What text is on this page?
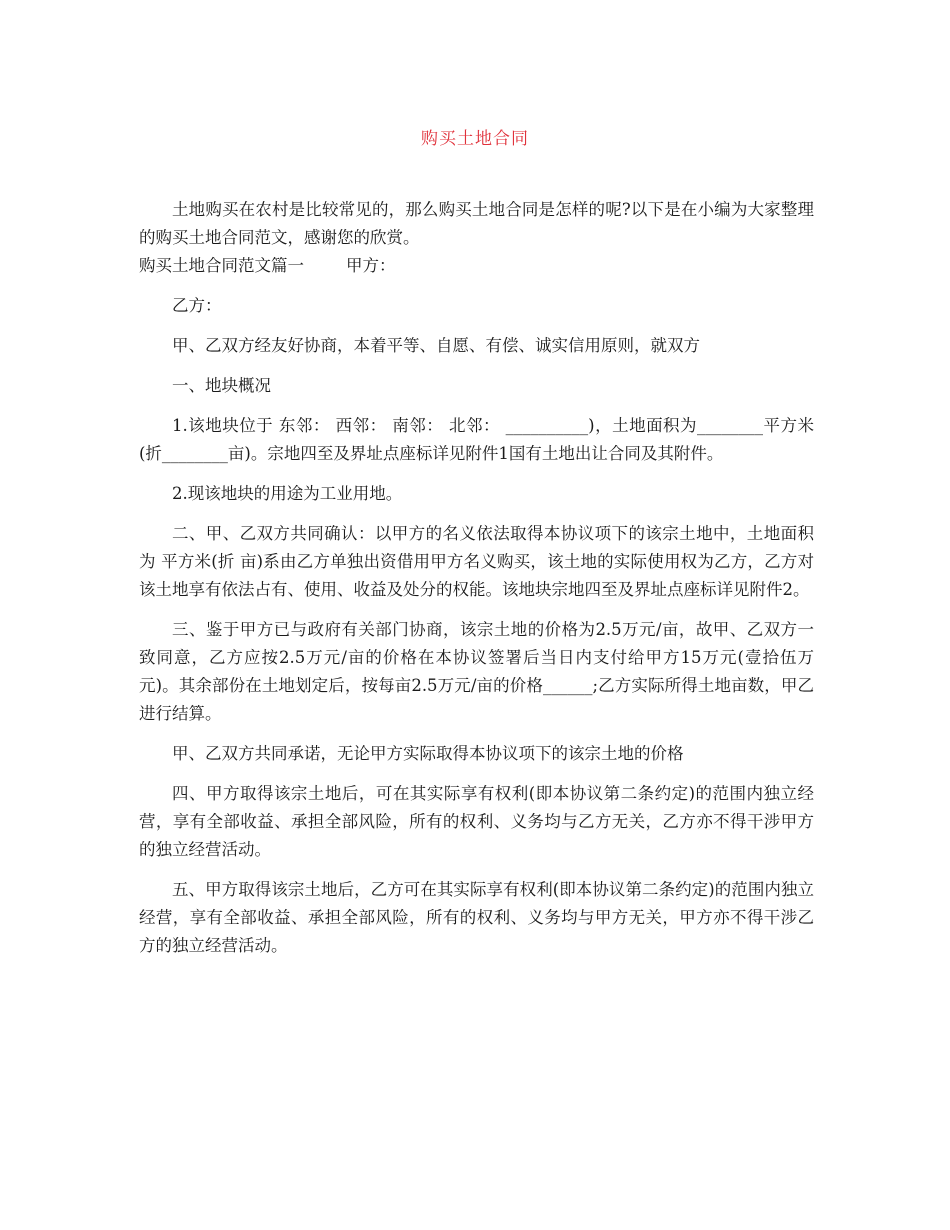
购买土地合同

土地购买在农村是比较常见的，那么购买土地合同是怎样的呢?以下是在小编为大家整理的购买土地合同范文，感谢您的欣赏。

购买土地合同范文篇一        甲方：

乙方：

甲、乙双方经友好协商，本着平等、自愿、有偿、诚实信用原则，就双方

一、地块概况

1.该地块位于 东邻： 西邻： 南邻： 北邻： __________)，土地面积为________平方米(折________亩)。宗地四至及界址点座标详见附件1国有土地出让合同及其附件。

2.现该地块的用途为工业用地。

二、甲、乙双方共同确认：以甲方的名义依法取得本协议项下的该宗土地中，土地面积为 平方米(折 亩)系由乙方单独出资借用甲方名义购买，该土地的实际使用权为乙方，乙方对该土地享有依法占有、使用、收益及处分的权能。该地块宗地四至及界址点座标详见附件2。

三、鉴于甲方已与政府有关部门协商，该宗土地的价格为2.5万元/亩，故甲、乙双方一致同意，乙方应按2.5万元/亩的价格在本协议签署后当日内支付给甲方15万元(壹拾伍万元)。其余部份在土地划定后，按每亩2.5万元/亩的价格______;乙方实际所得土地亩数，甲乙进行结算。

甲、乙双方共同承诺，无论甲方实际取得本协议项下的该宗土地的价格

四、甲方取得该宗土地后，可在其实际享有权利(即本协议第二条约定)的范围内独立经营，享有全部收益、承担全部风险，所有的权利、义务均与乙方无关，乙方亦不得干涉甲方的独立经营活动。

五、甲方取得该宗土地后，乙方可在其实际享有权利(即本协议第二条约定)的范围内独立经营，享有全部收益、承担全部风险，所有的权利、义务均与甲方无关，甲方亦不得干涉乙方的独立经营活动。
